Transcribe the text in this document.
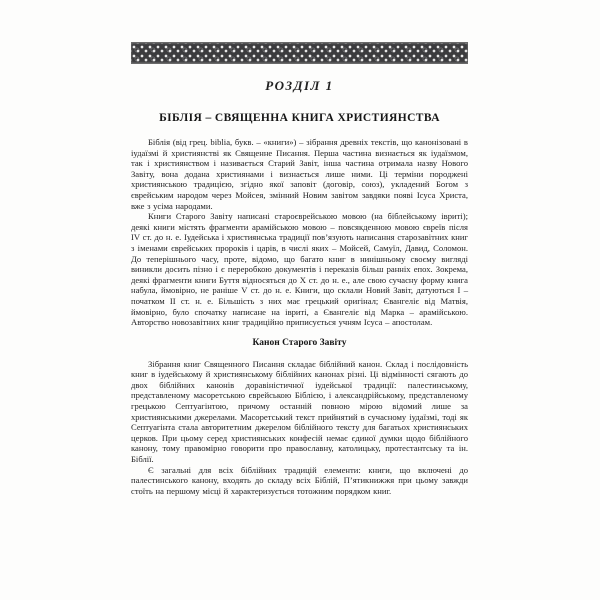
РОЗДІЛ 1
БІБЛІЯ – СВЯЩЕННА КНИГА ХРИСТИЯНСТВА

Біблія (від грец. biblia, букв. – «книги») – зібрання древніх текстів, що канонізовані в іудаїзмі й християнстві як Священне Писання. Перша частина визнається як іудаїзмом, так і християнством і називається Старий Завіт, інша частина отримала назву Нового Завіту, вона додана християнами і визнається лише ними. Ці терміни породжені християнською традицією, згідно якої заповіт (договір, союз), укладений Богом з єврейським народом через Мойсея, змінний Новим завітом завдяки появі Ісуса Христа, вже з усіма народами.

Книги Старого Завіту написані староєврейською мовою (на біблейському івриті); деякі книги містять фрагменти арамійською мовою – повсякденною мовою євреїв після IV ст. до н. е. Іудейська і християнська традиції пов’язують написання старозавітних книг з іменами єврейських пророків і царів, в числі яких – Мойсей, Самуїл, Давид, Соломон. До теперішнього часу, проте, відомо, що багато книг в нинішньому своєму вигляді виникли досить пізно і є переробкою документів і переказів більш ранніх епох. Зокрема, деякі фрагменти книги Буття відносяться до X ст. до н. е., але свою сучасну форму книга набула, ймовірно, не раніше V ст. до н. е. Книги, що склали Новий Завіт, датуються I – початком II ст. н. е. Більшість з них має грецький оригінал; Євангеліє від Матвія, ймовірно, було спочатку написане на івриті, а Євангеліє від Марка – арамійською. Авторство новозавітних книг традиційно приписується учням Ісуса – апостолам.

Канон Старого Завіту

Зібрання книг Священного Писання складає біблійний канон. Склад і послідовність книг в іудейському й християнському біблійних канонах різні. Ці відмінності сягають до двох біблійних канонів доравіністичної іудейської традиції: палестинському, представленому масоретською єврейською Біблією, і александрійському, представленому грецькою Септуагінтою, причому останній повною мірою відомий лише за християнськими джерелами. Масоретський текст прийнятий в сучасному іудаїзмі, тоді як Септуагінта стала авторитетним джерелом біблійного тексту для багатьох християнських церков. При цьому серед християнських конфесій немає єдиної думки щодо біблійного канону, тому правомірно говорити про православну, католицьку, протестантську та ін. Біблії.

Є загальні для всіх біблійних традицій елементи: книги, що включені до палестинського канону, входять до складу всіх Біблій, П’ятикнижжя при цьому завжди стоїть на першому місці й характеризується тотожним порядком книг.
